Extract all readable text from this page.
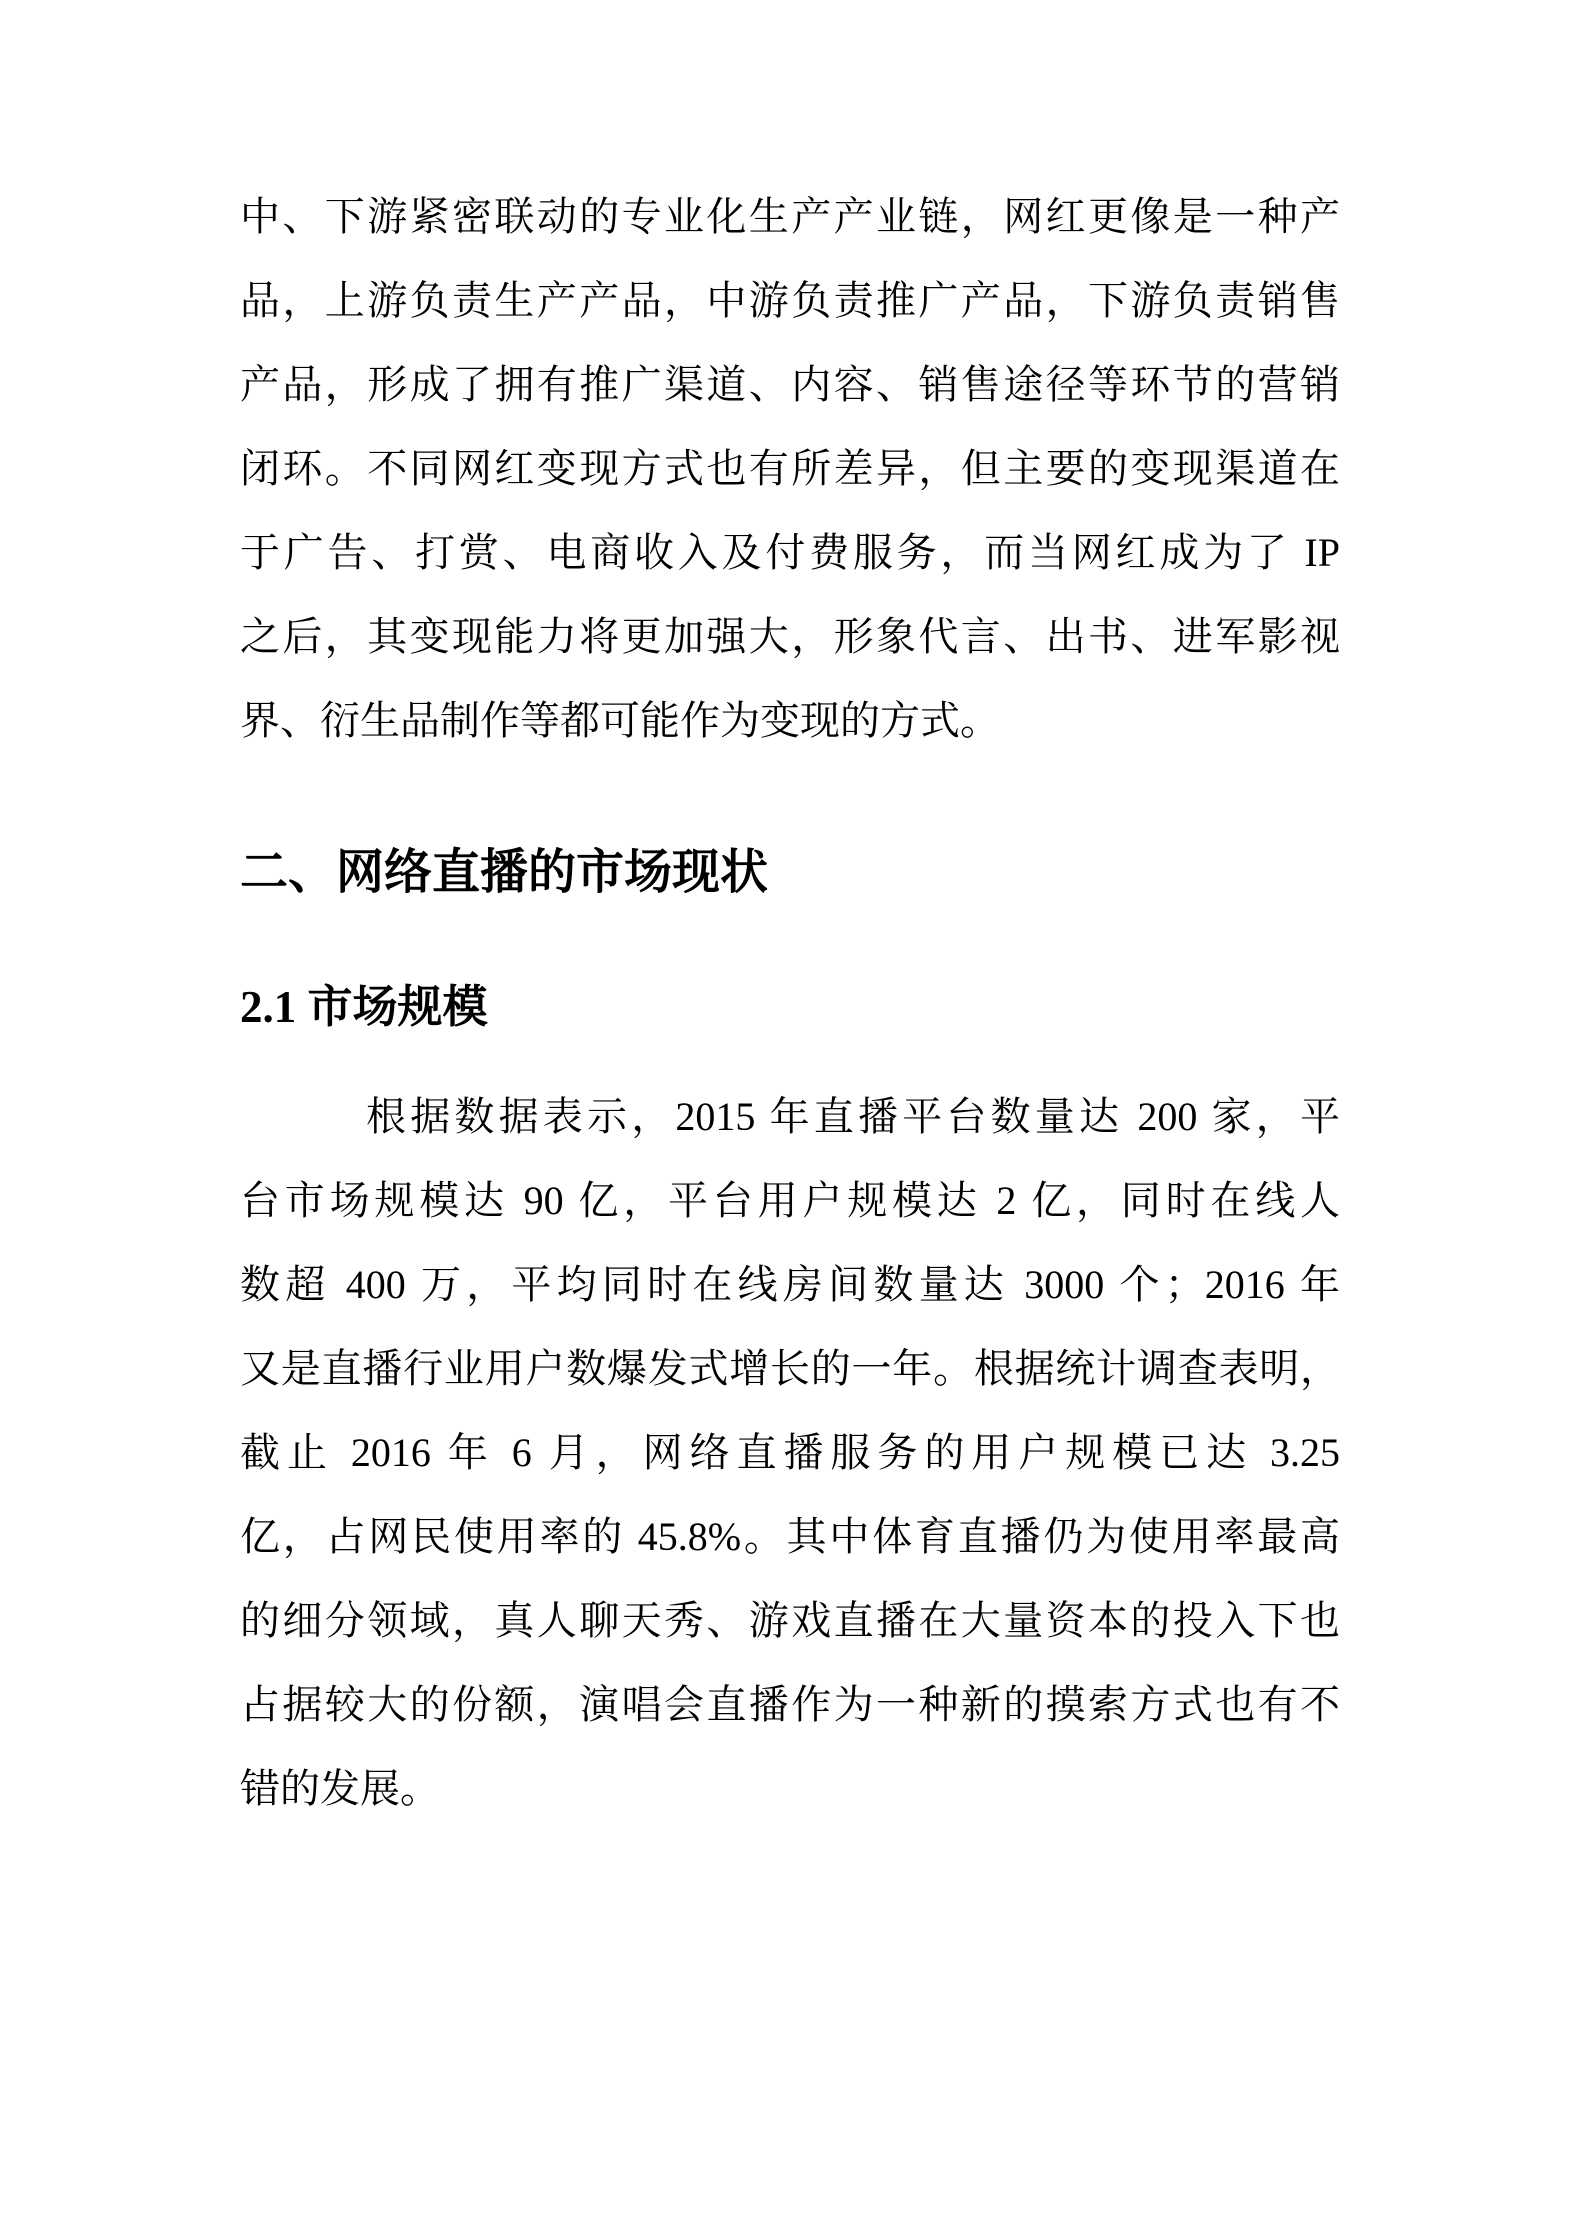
中、下游紧密联动的专业化生产产业链，网红更像是一种产
品，上游负责生产产品，中游负责推广产品，下游负责销售
产品，形成了拥有推广渠道、内容、销售途径等环节的营销
闭环。不同网红变现方式也有所差异，但主要的变现渠道在
于广告、打赏、电商收入及付费服务，而当网红成为了 IP
之后，其变现能力将更加强大，形象代言、出书、进军影视
界、衍生品制作等都可能作为变现的方式。
二、网络直播的市场现状
2.1 市场规模
根据数据表示，2015 年直播平台数量达 200 家，平
台市场规模达 90 亿，平台用户规模达 2 亿，同时在线人
数超 400 万，平均同时在线房间数量达 3000 个；2016 年
又是直播行业用户数爆发式增长的一年。根据统计调查表明，
截止 2016 年 6 月，网络直播服务的用户规模已达 3.25
亿，占网民使用率的 45.8%。其中体育直播仍为使用率最高
的细分领域，真人聊天秀、游戏直播在大量资本的投入下也
占据较大的份额，演唱会直播作为一种新的摸索方式也有不
错的发展。
